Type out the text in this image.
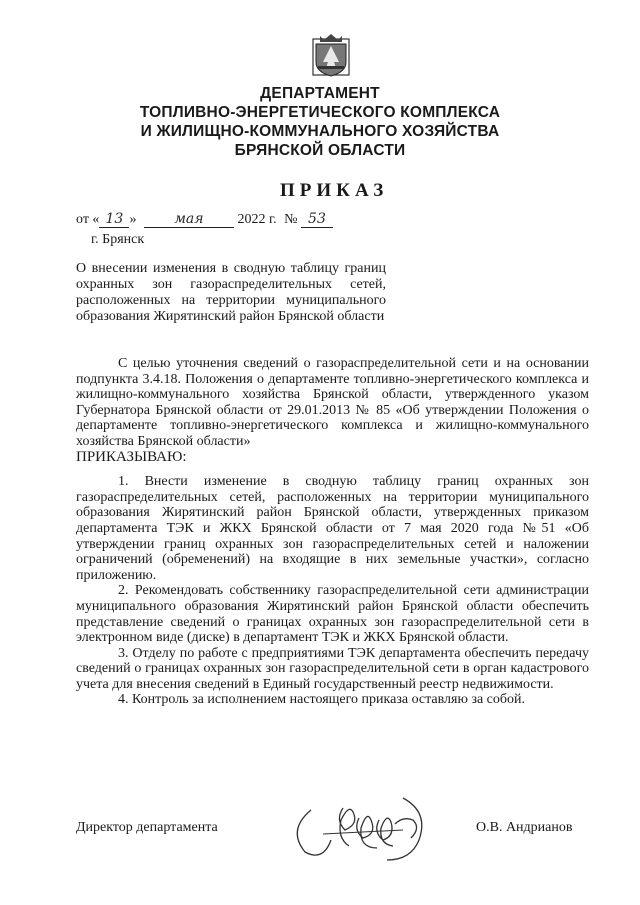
ДЕПАРТАМЕНТ
ТОПЛИВНО-ЭНЕРГЕТИЧЕСКОГО КОМПЛЕКСА
И ЖИЛИЩНО-КОММУНАЛЬНОГО ХОЗЯЙСТВА
БРЯНСКОЙ ОБЛАСТИ
ПРИКАЗ
от « 13 »	мая 2022 г. № 53
г. Брянск
О внесении изменения в сводную таблицу границ охранных зон газораспределительных сетей, расположенных на территории муниципального образования Жирятинский район Брянской области

С целью уточнения сведений о газораспределительной сети и на основании подпункта 3.4.18. Положения о департаменте топливно-энергетического комплекса и жилищно-коммунального хозяйства Брянской области, утвержденного указом Губернатора Брянской области от 29.01.2013 № 85 «Об утверждении Положения о департаменте топливно-энергетического комплекса и жилищно-коммунального хозяйства Брянской области»

ПРИКАЗЫВАЮ:

1. Внести изменение в сводную таблицу границ охранных зон газораспределительных сетей, расположенных на территории муниципального образования Жирятинский район Брянской области, утвержденных приказом департамента ТЭК и ЖКХ Брянской области от 7 мая 2020 года №51 «Об утверждении границ охранных зон газораспределительных сетей и наложении ограничений (обременений) на входящие в них земельные участки», согласно приложению.

2. Рекомендовать собственнику газораспределительной сети администрации муниципального образования Жирятинский район Брянской области обеспечить представление сведений о границах охранных зон газораспределительной сети в электронном виде (диске) в департамент ТЭК и ЖКХ Брянской области.

3. Отделу по работе с предприятиями ТЭК департамента обеспечить передачу сведений о границах охранных зон газораспределительной сети в орган кадастрового учета для внесения сведений в Единый государственный реестр недвижимости.

4. Контроль за исполнением настоящего приказа оставляю за собой.

Директор департамента	О.В. Андрианов
